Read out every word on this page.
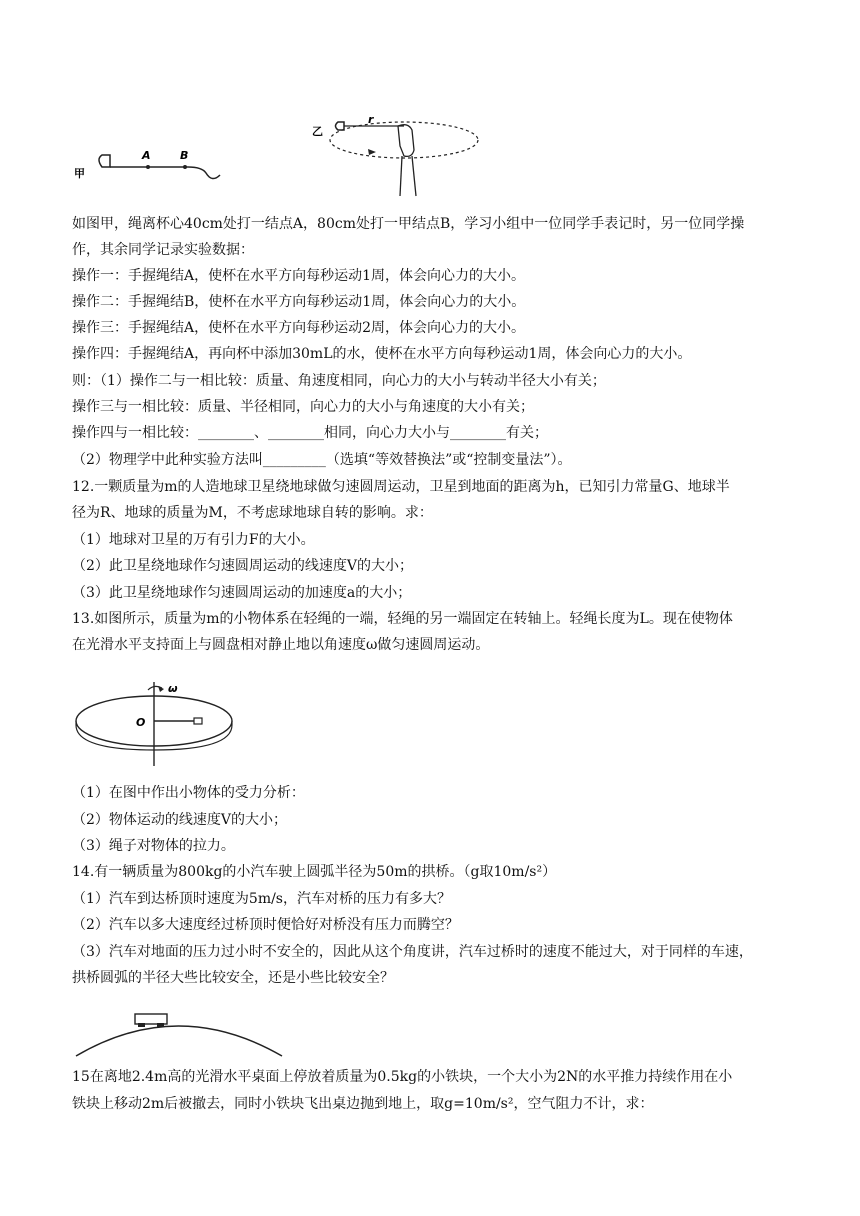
甲
A	B
乙
r
如图甲，绳离杯心40cm处打一结点A，80cm处打一甲结点B，学习小组中一位同学手表记时，另一位同学操
作，其余同学记录实验数据：
操作一：手握绳结A，使杯在水平方向每秒运动1周，体会向心力的大小。
操作二：手握绳结B，使杯在水平方向每秒运动1周，体会向心力的大小。
操作三：手握绳结A，使杯在水平方向每秒运动2周，体会向心力的大小。
操作四：手握绳结A，再向杯中添加30mL的水，使杯在水平方向每秒运动1周，体会向心力的大小。
则：（1）操作二与一相比较：质量、角速度相同，向心力的大小与转动半径大小有关；
操作三与一相比较：质量、半径相同，向心力的大小与角速度的大小有关；
操作四与一相比较：________、________相同，向心力大小与________有关；
（2）物理学中此种实验方法叫_________（选填“等效替换法”或“控制变量法”）。
12.一颗质量为m的人造地球卫星绕地球做匀速圆周运动，卫星到地面的距离为h，已知引力常量G、地球半
径为R、地球的质量为M，不考虑球地球自转的影响。求：
（1）地球对卫星的万有引力F的大小。
（2）此卫星绕地球作匀速圆周运动的线速度V的大小；
（3）此卫星绕地球作匀速圆周运动的加速度a的大小；
13.如图所示，质量为m的小物体系在轻绳的一端，轻绳的另一端固定在转轴上。轻绳长度为L。现在使物体
在光滑水平支持面上与圆盘相对静止地以角速度ω做匀速圆周运动。
ω
O
（1）在图中作出小物体的受力分析：
（2）物体运动的线速度V的大小；
（3）绳子对物体的拉力。
14.有一辆质量为800kg的小汽车驶上圆弧半径为50m的拱桥。（g取10m/s²）
（1）汽车到达桥顶时速度为5m/s，汽车对桥的压力有多大？
（2）汽车以多大速度经过桥顶时便恰好对桥没有压力而腾空？
（3）汽车对地面的压力过小时不安全的，因此从这个角度讲，汽车过桥时的速度不能过大，对于同样的车速，
拱桥圆弧的半径大些比较安全，还是小些比较安全？
15在离地2.4m高的光滑水平桌面上停放着质量为0.5kg的小铁块，一个大小为2N的水平推力持续作用在小
铁块上移动2m后被撤去，同时小铁块飞出桌边抛到地上，取g=10m/s²，空气阻力不计，求：
